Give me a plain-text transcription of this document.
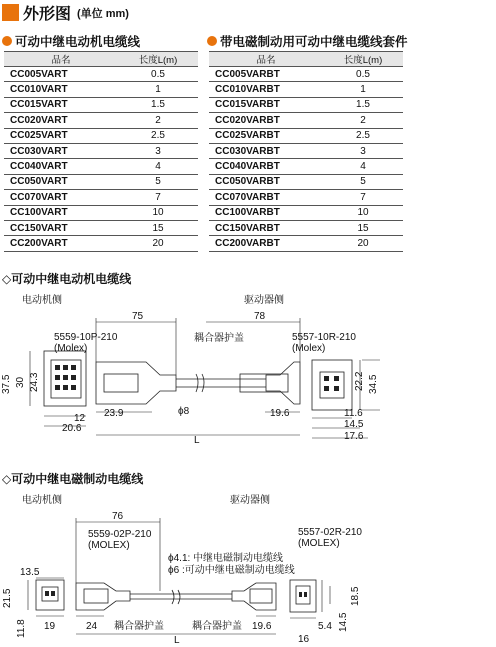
外形图 (单位 mm)
可动中继电动机电缆线
品名	长度L(m)
CC005VART	0.5
CC010VART	1
CC015VART	1.5
CC020VART	2
CC025VART	2.5
CC030VART	3
CC040VART	4
CC050VART	5
CC070VART	7
CC100VART	10
CC150VART	15
CC200VART	20
带电磁制动用可动中继电缆线套件
品名	长度L(m)
CC005VARBT	0.5
CC010VARBT	1
CC015VARBT	1.5
CC020VARBT	2
CC025VARBT	2.5
CC030VARBT	3
CC040VARBT	4
CC050VARBT	5
CC070VARBT	7
CC100VARBT	10
CC150VARBT	15
CC200VARBT	20
◇可动中继电动机电缆线
电动机侧	驱动器侧
75	78
耦合器护盖
5559-10P-210
(Molex)
5557-10R-210
(Molex)
12
20.6
23.9	ϕ8	19.6
L
11.6
14.5
17.6
37.5 30 24.3	22.2 34.5
◇可动中继电磁制动电缆线
电动机侧	驱动器侧
76
5559-02P-210
(MOLEX)
5557-02R-210
(MOLEX)
ϕ4.1: 中继电磁制动电缆线
ϕ6 :可动中继电磁制动电缆线
13.5
19	24 耦合器护盖	耦合器护盖 19.6
L
5.4
16
21.5
11.8
18.5
14.5
